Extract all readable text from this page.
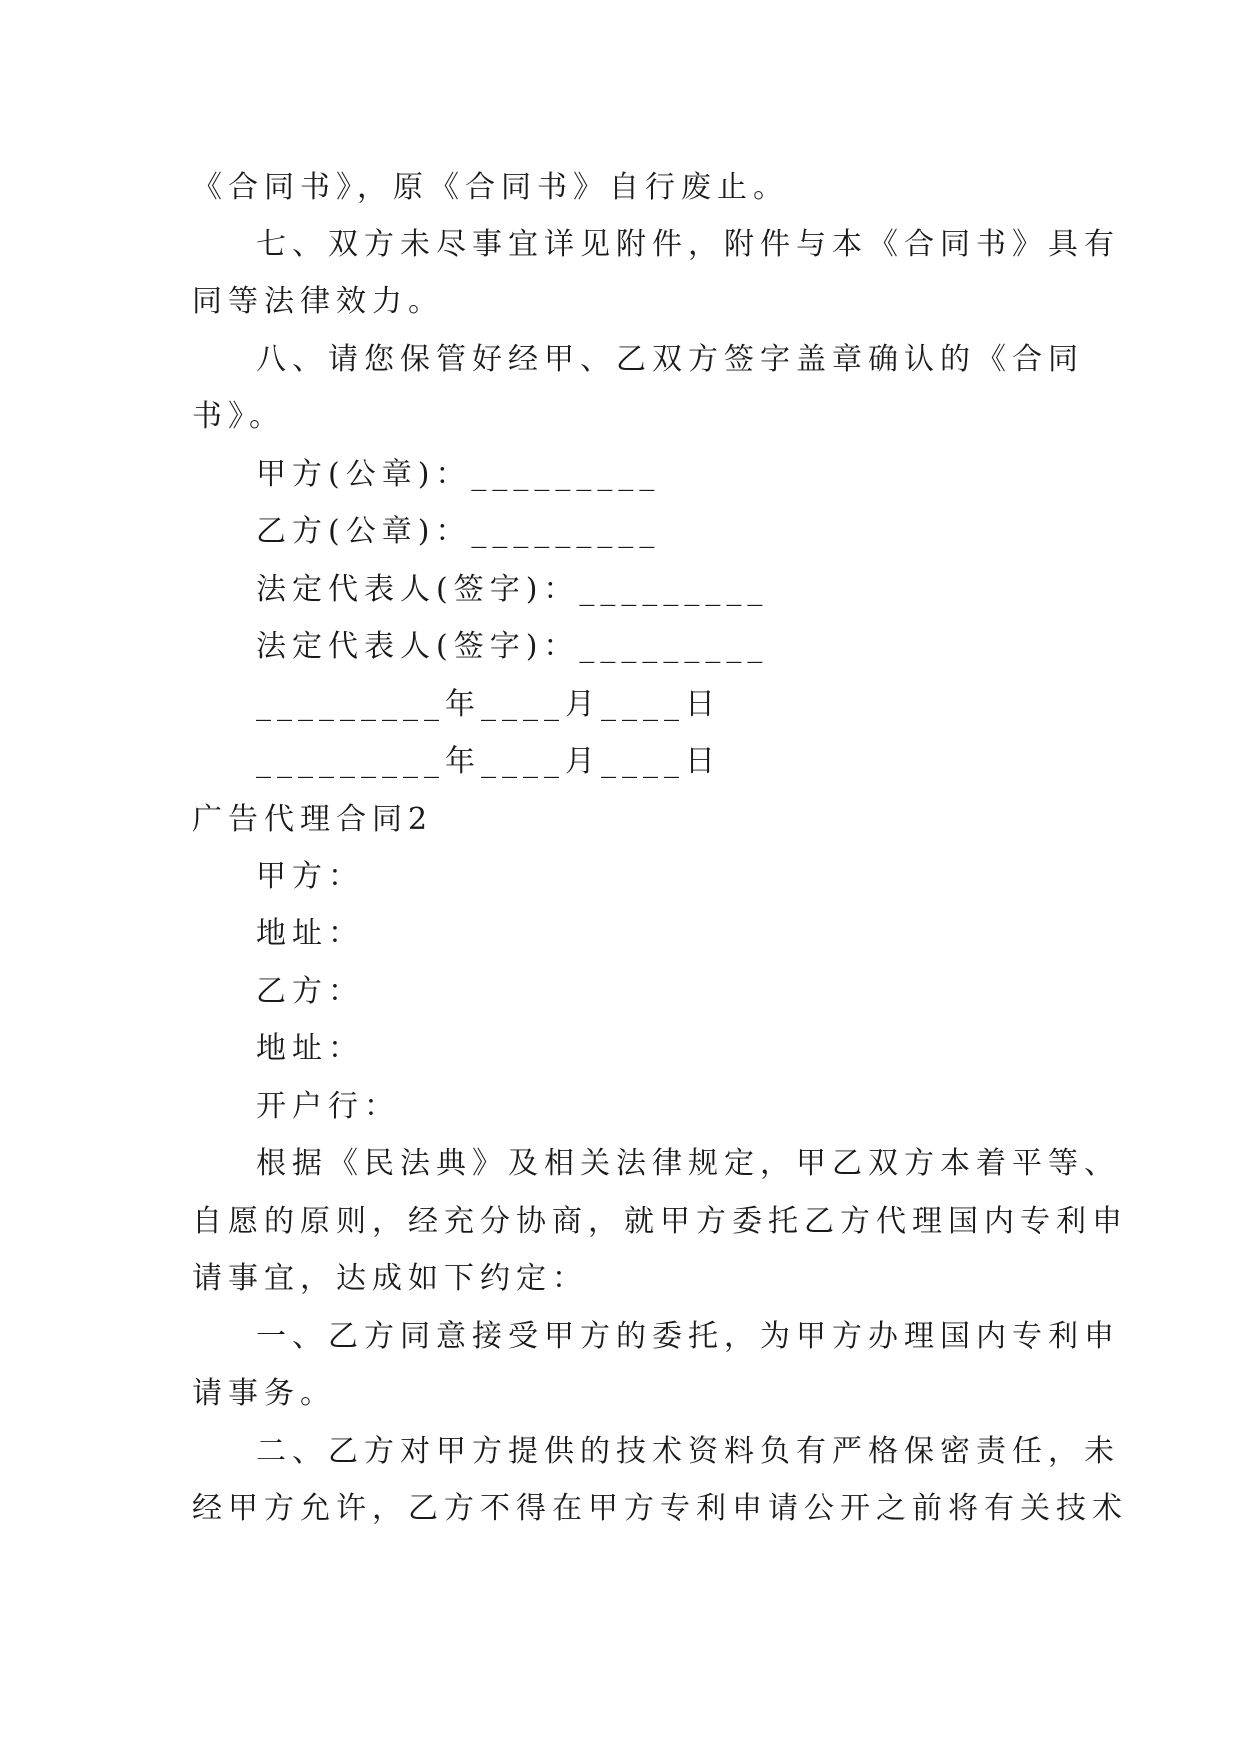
《合同书》，原《合同书》自行废止。
七、双方未尽事宜详见附件，附件与本《合同书》具有
同等法律效力。
八、请您保管好经甲、乙双方签字盖章确认的《合同
书》。
甲方(公章)：_________
乙方(公章)：_________
法定代表人(签字)：_________
法定代表人(签字)：_________
_________年____月____日
_________年____月____日
广告代理合同2
甲方：
地址：
乙方：
地址：
开户行：
根据《民法典》及相关法律规定，甲乙双方本着平等、
自愿的原则，经充分协商，就甲方委托乙方代理国内专利申
请事宜，达成如下约定：
一、乙方同意接受甲方的委托，为甲方办理国内专利申
请事务。
二、乙方对甲方提供的技术资料负有严格保密责任，未
经甲方允许，乙方不得在甲方专利申请公开之前将有关技术
